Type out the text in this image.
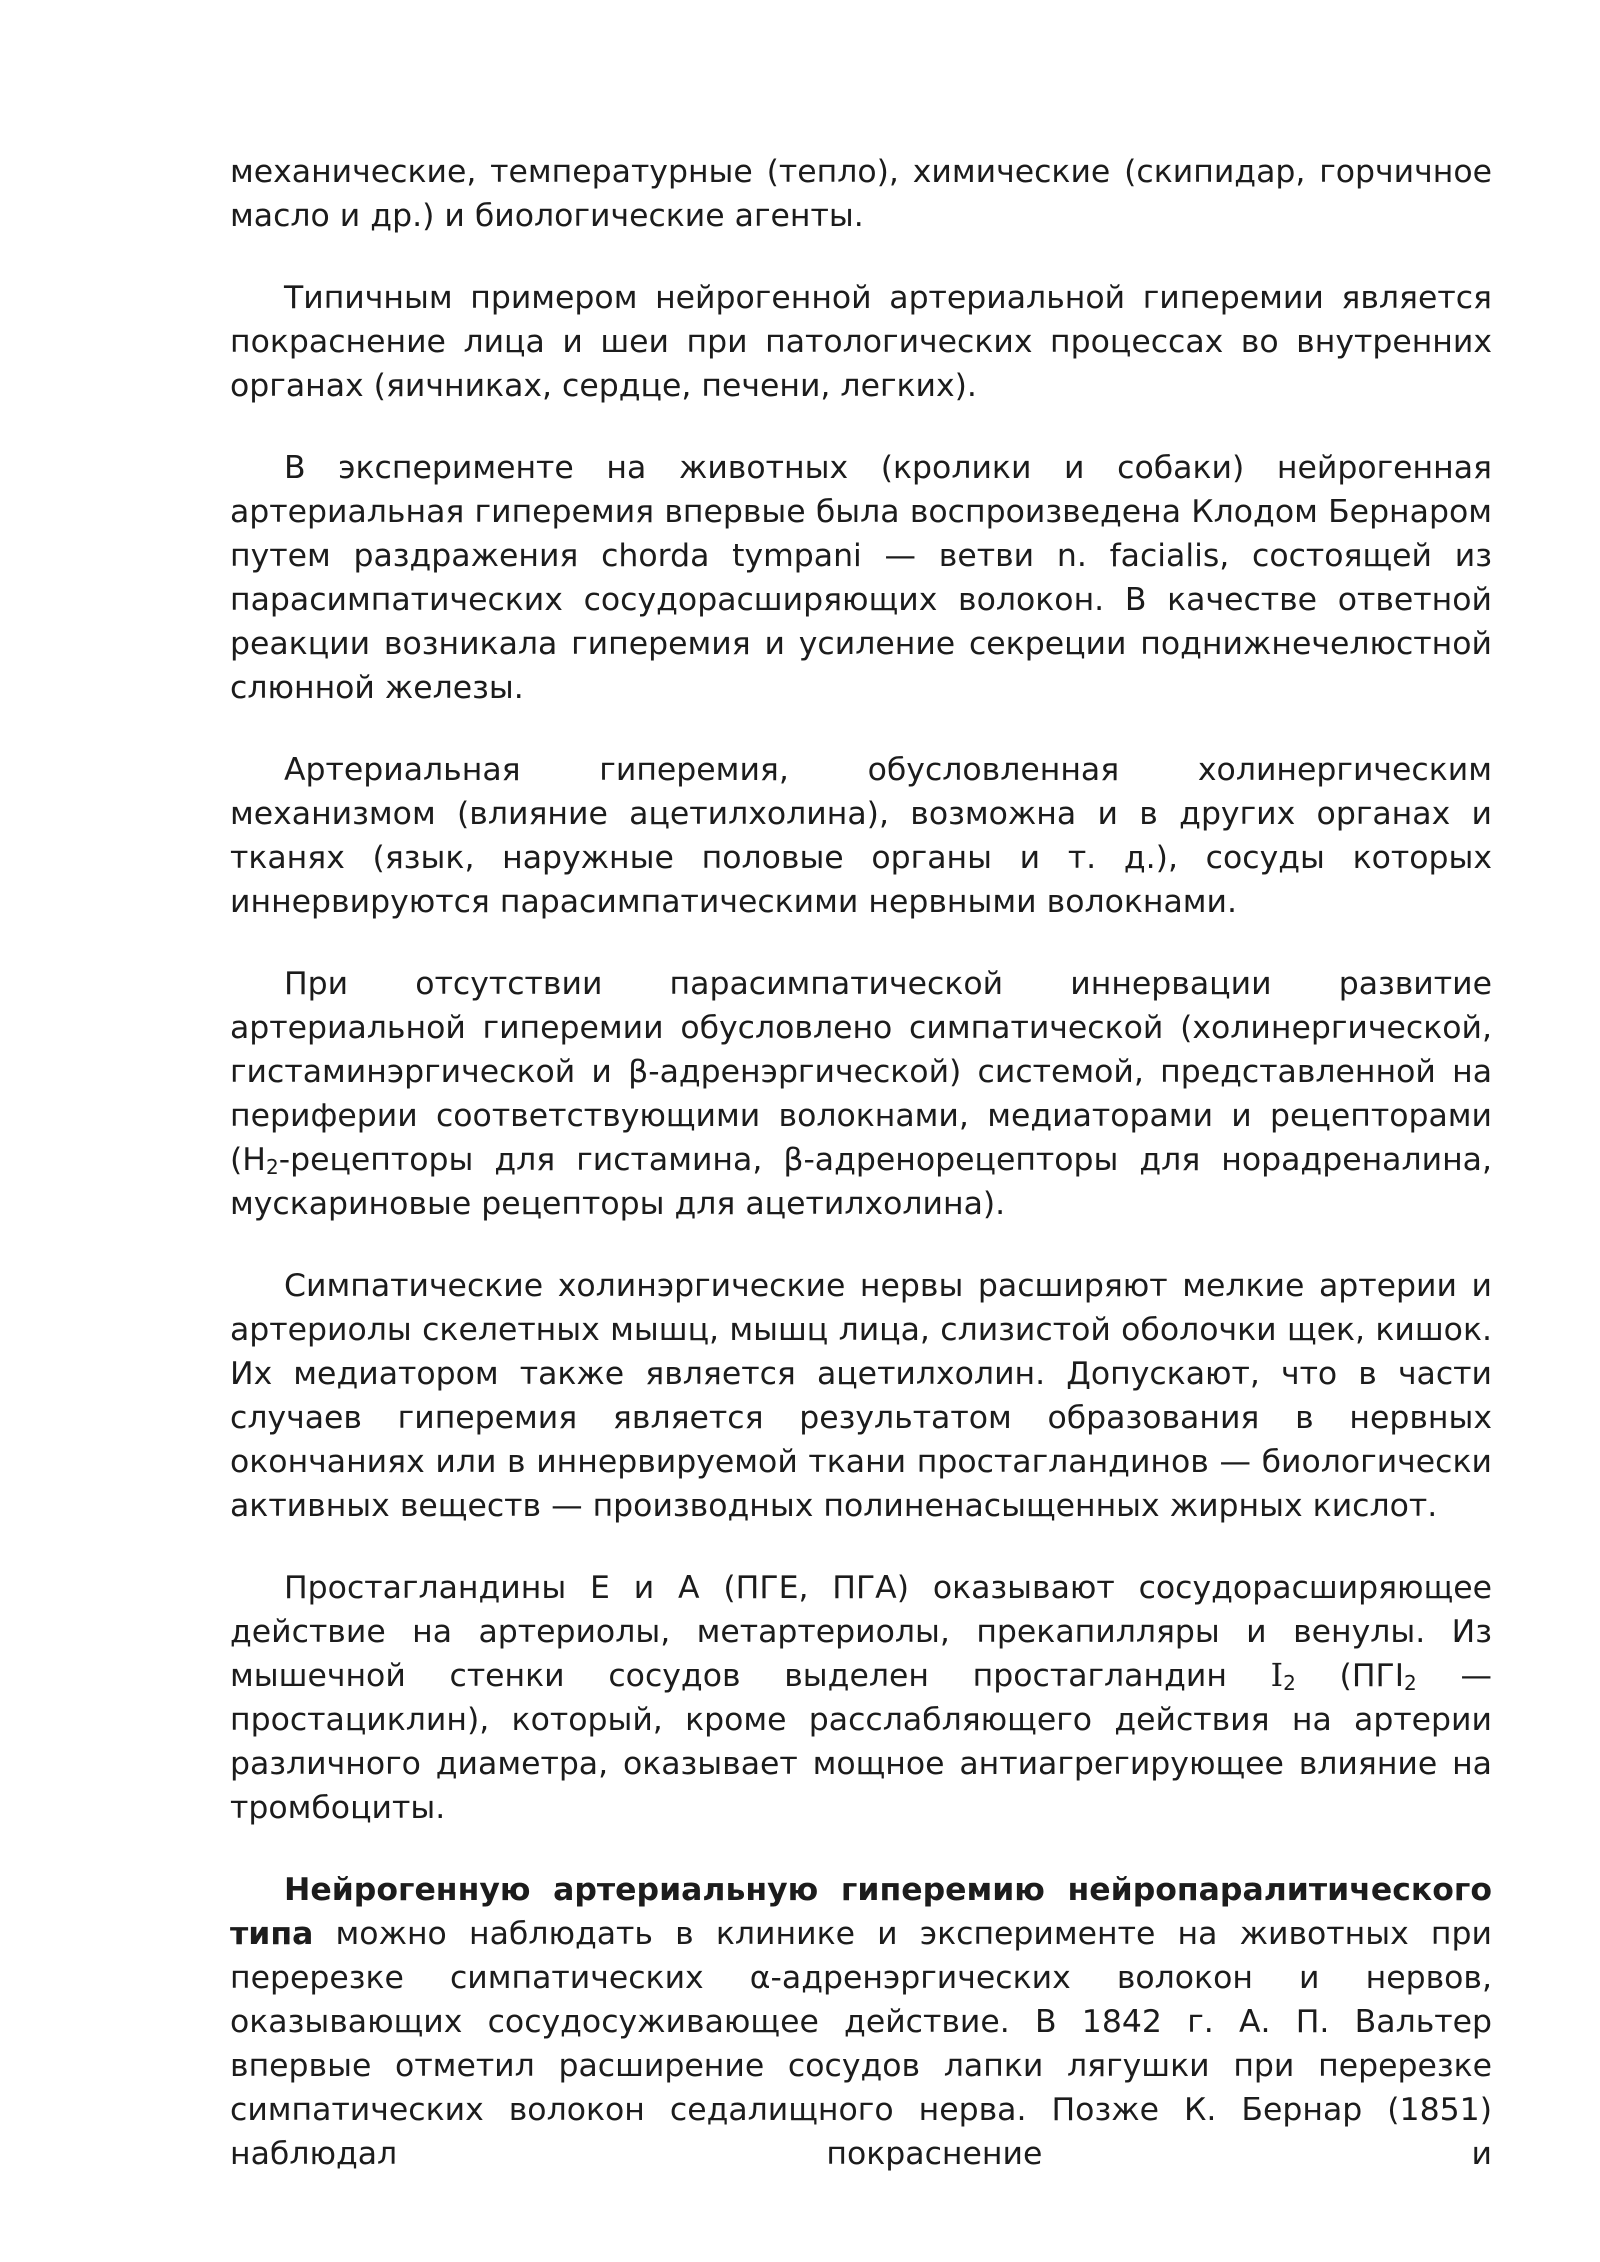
механические, температурные (тепло), химические (скипидар, горчичное масло и др.) и биологические агенты.

Типичным примером нейрогенной артериальной гиперемии является покраснение лица и шеи при патологических процессах во внутренних органах (яичниках, сердце, печени, легких).

В эксперименте на животных (кролики и собаки) нейрогенная артериальная гиперемия впервые была воспроизведена Клодом Бернаром путем раздражения chorda tympani — ветви n. facialis, состоящей из парасимпатических сосудорасширяющих волокон. В качестве ответной реакции возникала гиперемия и усиление секреции поднижнечелюстной слюнной железы.

Артериальная гиперемия, обусловленная холинергическим механизмом (влияние ацетилхолина), возможна и в других органах и тканях (язык, наружные половые органы и т. д.), сосуды которых иннервируются парасимпатическими нервными волокнами.

При отсутствии парасимпатической иннервации развитие артериальной гиперемии обусловлено симпатической (холинергической, гистаминэргической и β-адренэргической) системой, представленной на периферии соответствующими волокнами, медиаторами и рецепторами ($H_2$-рецепторы для гистамина, β-адренорецепторы для норадреналина, мускариновые рецепторы для ацетилхолина).

Симпатические холинэргические нервы расширяют мелкие артерии и артериолы скелетных мышц, мышц лица, слизистой оболочки щек, кишок. Их медиатором также является ацетилхолин. Допускают, что в части случаев гиперемия является результатом образования в нервных окончаниях или в иннервируемой ткани простагландинов — биологически активных веществ — производных полиненасыщенных жирных кислот.

Простагландины Е и А (ПГЕ, ПГА) оказывают сосудорасширяющее действие на артериолы, метартериолы, прекапилляры и венулы. Из мышечной стенки сосудов выделен простагландин $I_2$ ($ПГI_2$ — простациклин), который, кроме расслабляющего действия на артерии различного диаметра, оказывает мощное антиагрегирующее влияние на тромбоциты.

Нейрогенную артериальную гиперемию нейропаралитического типа можно наблюдать в клинике и эксперименте на животных при перерезке симпатических α-адренэргических волокон и нервов, оказывающих сосудосуживающее действие. В 1842 г. А. П. Вальтер впервые отметил расширение сосудов лапки лягушки при перерезке симпатических волокон седалищного нерва. Позже К. Бернар (1851) наблюдал покраснение и
